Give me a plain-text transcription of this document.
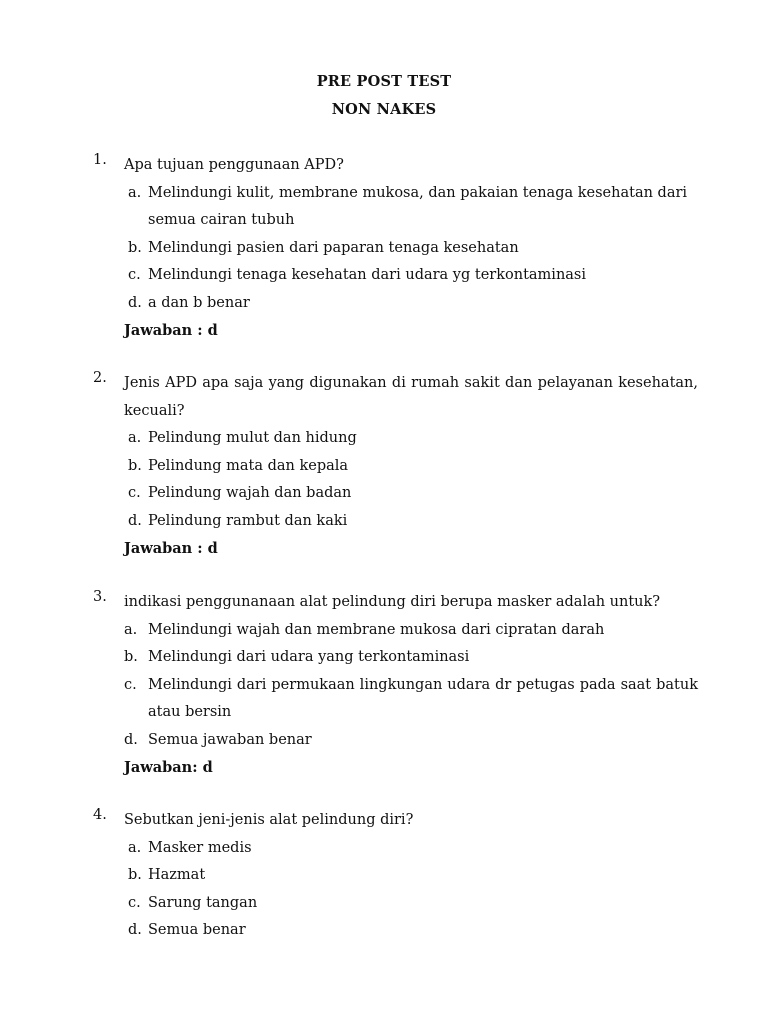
PRE POST TEST
NON NAKES
1.	Apa tujuan penggunaan APD?
a. Melindungi kulit, membrane mukosa, dan pakaian tenaga kesehatan dari semua cairan tubuh
b. Melindungi pasien dari paparan tenaga kesehatan
c. Melindungi tenaga kesehatan dari udara yg terkontaminasi
d. a dan b benar
Jawaban : d
2.	Jenis APD apa saja yang digunakan di rumah sakit dan pelayanan kesehatan, kecuali?
a. Pelindung mulut dan hidung
b. Pelindung mata dan kepala
c. Pelindung wajah dan badan
d. Pelindung rambut dan kaki
Jawaban : d
3.	indikasi penggunanaan alat pelindung diri berupa masker adalah untuk?
a. Melindungi wajah dan membrane mukosa dari cipratan darah
b. Melindungi dari udara yang terkontaminasi
c. Melindungi dari permukaan lingkungan udara dr petugas pada saat batuk atau bersin
d. Semua jawaban benar
Jawaban: d
4.	Sebutkan jeni-jenis alat pelindung diri?
a. Masker medis
b. Hazmat
c. Sarung tangan
d. Semua benar
